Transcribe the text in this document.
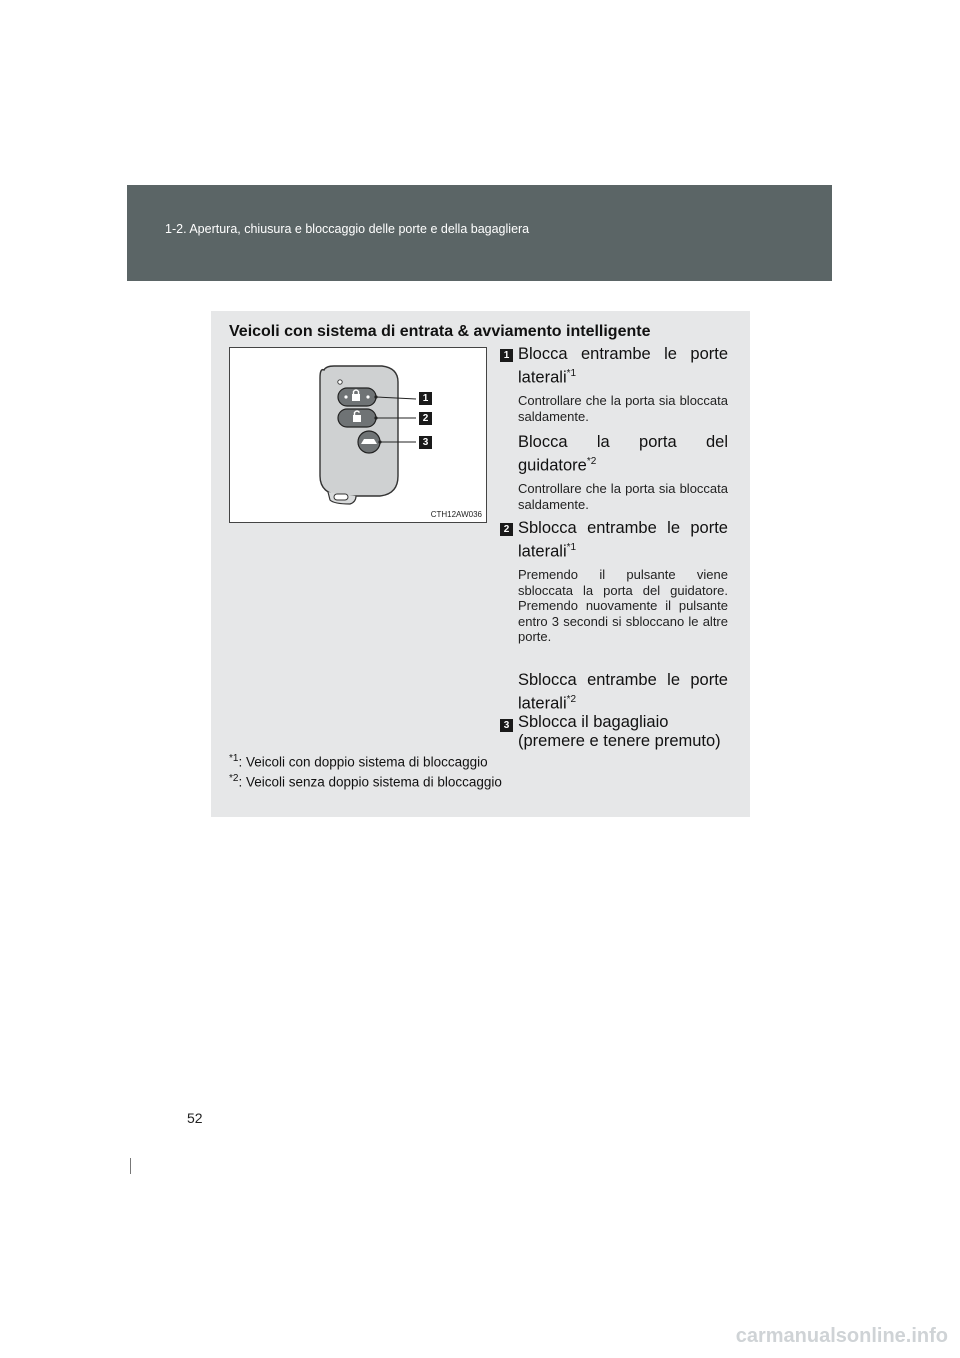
1-2. Apertura, chiusura e bloccaggio delle porte e della bagagliera
Veicoli con sistema di entrata & avviamento intelligente
1
2
3
CTH12AW036
1 Blocca entrambe le porte laterali$^{*1}$
Controllare che la porta sia bloccata saldamente.
Blocca la porta del guidatore$^{*2}$
Controllare che la porta sia bloccata saldamente.
2 Sblocca entrambe le porte laterali$^{*1}$
Premendo il pulsante viene sbloccata la porta del guidatore. Premendo nuovamente il pulsante entro 3 secondi si sbloccano le altre porte.
Sblocca entrambe le porte laterali$^{*2}$
3 Sblocca il bagagliaio
(premere e tenere premuto)
$^{*1}$: Veicoli con doppio sistema di bloccaggio
$^{*2}$: Veicoli senza doppio sistema di bloccaggio
52
carmanualsonline.info
